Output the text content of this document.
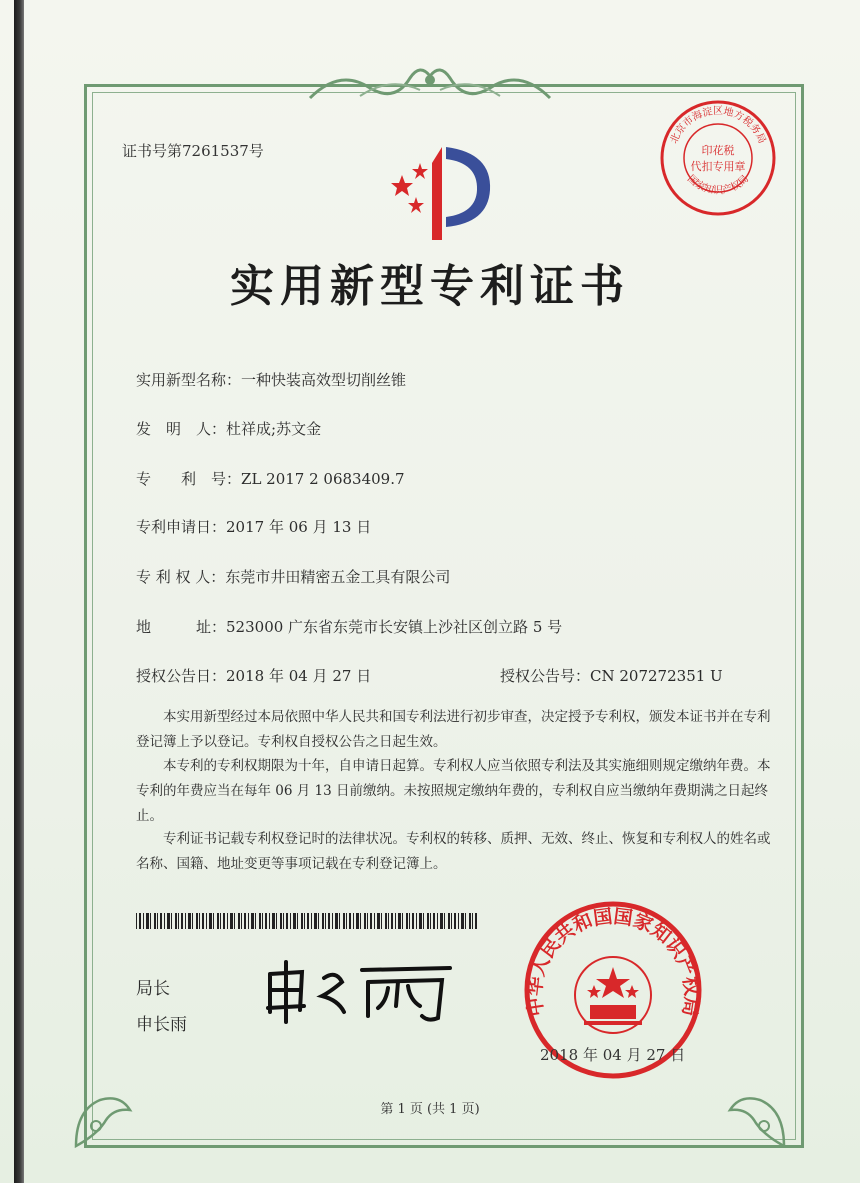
证书号第7261537号
北京市海淀区地方税务局
国家知识产权局
印花税
代扣专用章
实用新型专利证书
实用新型名称：一种快装高效型切削丝锥
发　明　人：杜祥成;苏文金
专　　利　号：ZL 2017 2 0683409.7
专利申请日：2017 年 06 月 13 日
专 利 权 人：东莞市井田精密五金工具有限公司
地　　　址：523000 广东省东莞市长安镇上沙社区创立路 5 号
授权公告日：2018 年 04 月 27 日	授权公告号：CN 207272351 U
本实用新型经过本局依照中华人民共和国专利法进行初步审查，决定授予专利权，颁发本证书并在专利登记簿上予以登记。专利权自授权公告之日起生效。
本专利的专利权期限为十年，自申请日起算。专利权人应当依照专利法及其实施细则规定缴纳年费。本专利的年费应当在每年 06 月 13 日前缴纳。未按照规定缴纳年费的，专利权自应当缴纳年费期满之日起终止。
专利证书记载专利权登记时的法律状况。专利权的转移、质押、无效、终止、恢复和专利权人的姓名或名称、国籍、地址变更等事项记载在专利登记簿上。
局长
申长雨
中华人民共和国国家知识产权局
2018 年 04 月 27 日
第 1 页 (共 1 页)
